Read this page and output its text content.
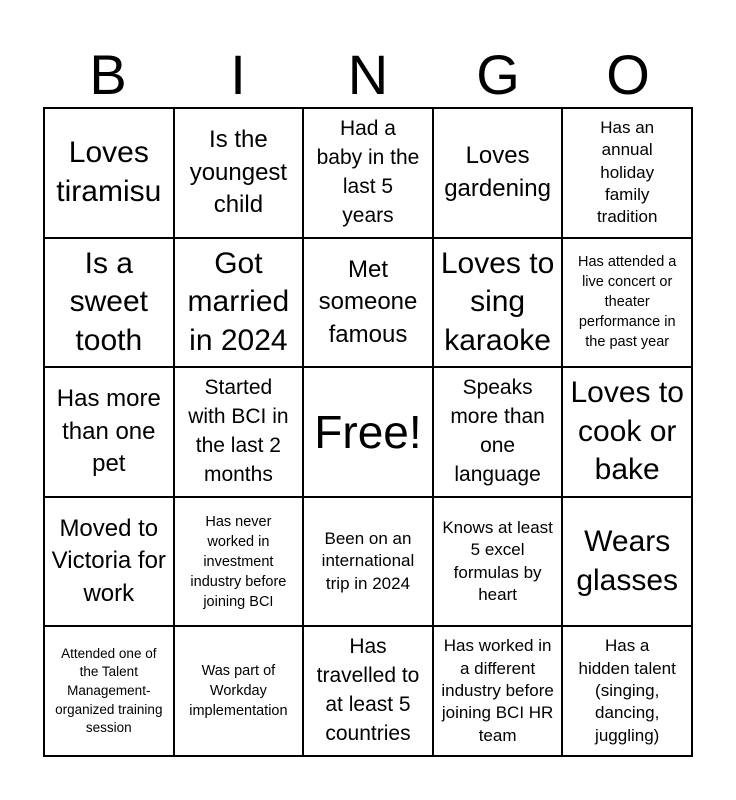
B	I	N	G	O
Loves tiramisu
Is the youngest child
Had a baby in the last 5 years
Loves gardening
Has an annual holiday family tradition
Is a sweet tooth
Got married in 2024
Met someone famous
Loves to sing karaoke
Has attended a live concert or theater performance in the past year
Has more than one pet
Started with BCI in the last 2 months
Free!
Speaks more than one language
Loves to cook or bake
Moved to Victoria for work
Has never worked in investment industry before joining BCI
Been on an international trip in 2024
Knows at least 5 excel formulas by heart
Wears glasses
Attended one of the Talent Management-organized training session
Was part of Workday implementation
Has travelled to at least 5 countries
Has worked in a different industry before joining BCI HR team
Has a hidden talent (singing, dancing, juggling)
